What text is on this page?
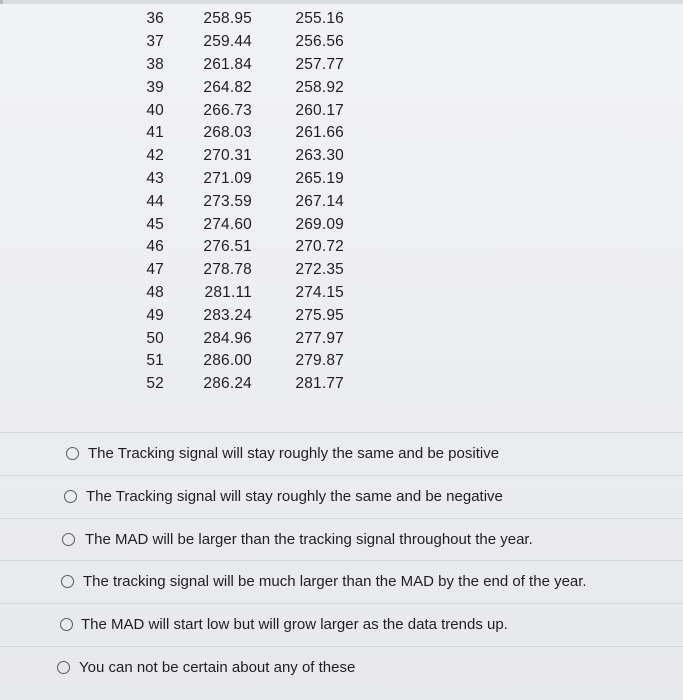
36	258.95	255.16
37	259.44	256.56
38	261.84	257.77
39	264.82	258.92
40	266.73	260.17
41	268.03	261.66
42	270.31	263.30
43	271.09	265.19
44	273.59	267.14
45	274.60	269.09
46	276.51	270.72
47	278.78	272.35
48	281.11	274.15
49	283.24	275.95
50	284.96	277.97
51	286.00	279.87
52	286.24	281.77
The Tracking signal will stay roughly the same and be positive
The Tracking signal will stay roughly the same and be negative
The MAD will be larger than the tracking signal throughout the year.
The tracking signal will be much larger than the MAD by the end of the year.
The MAD will start low but will grow larger as the data trends up.
You can not be certain about any of these
